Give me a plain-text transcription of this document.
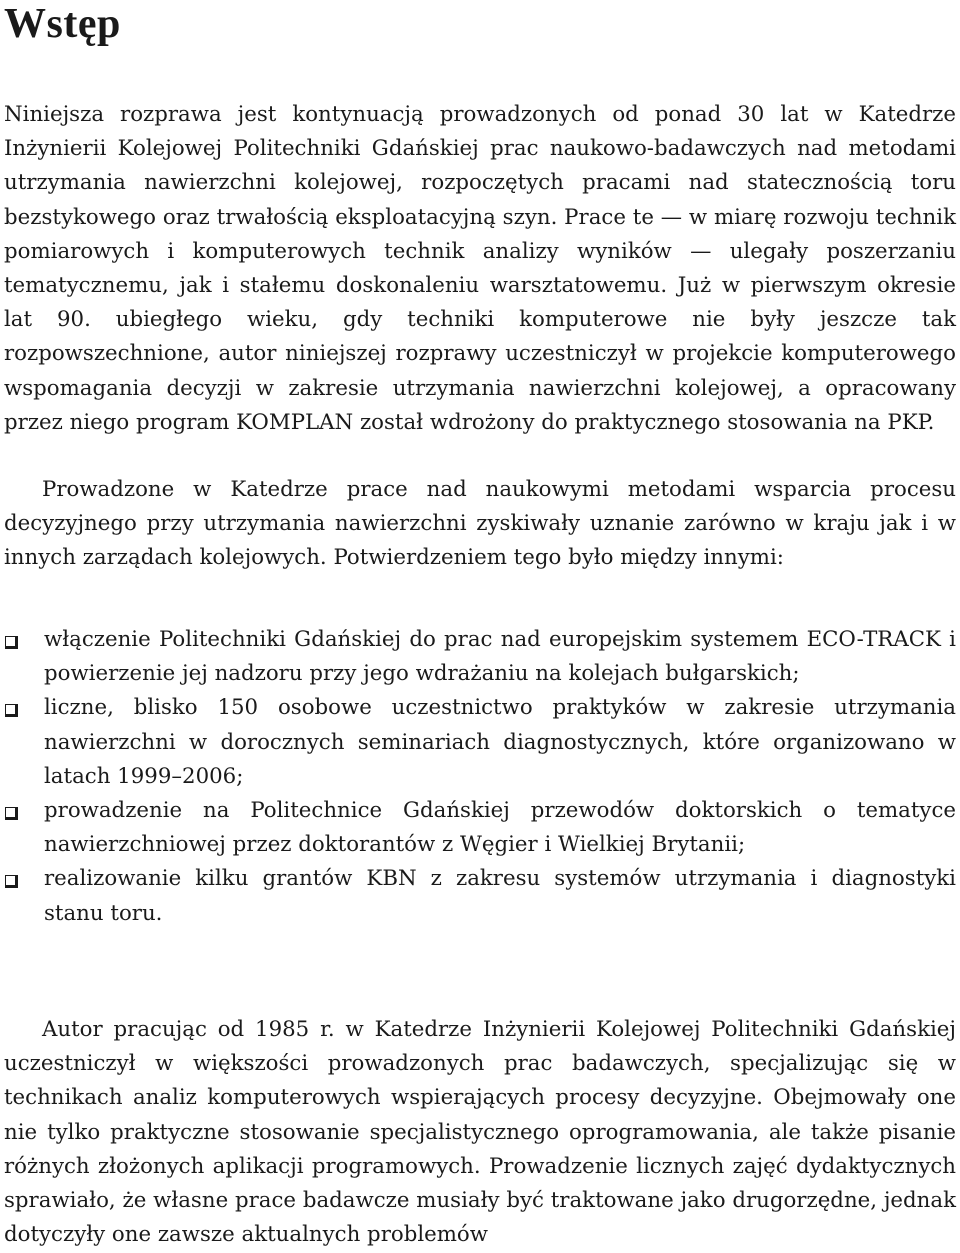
Wstęp

Niniejsza rozprawa jest kontynuacją prowadzonych od ponad 30 lat w Katedrze Inżynierii Kolejowej Politechniki Gdańskiej prac naukowo-badawczych nad metodami utrzymania nawierzchni kolejowej, rozpoczętych pracami nad statecznością toru bezstykowego oraz trwałością eksploatacyjną szyn. Prace te — w miarę rozwoju technik pomiarowych i komputerowych technik analizy wyników — ulegały poszerzaniu tematycznemu, jak i stałemu doskonaleniu warsztatowemu. Już w pierwszym okresie lat 90. ubiegłego wieku, gdy techniki komputerowe nie były jeszcze tak rozpowszechnione, autor niniejszej rozprawy uczestniczył w projekcie komputerowego wspomagania decyzji w zakresie utrzymania nawierzchni kolejowej, a opracowany przez niego program KOMPLAN został wdrożony do praktycznego stosowania na PKP.

Prowadzone w Katedrze prace nad naukowymi metodami wsparcia procesu decyzyjnego przy utrzymania nawierzchni zyskiwały uznanie zarówno w kraju jak i w innych zarządach kolejowych. Potwierdzeniem tego było między innymi:

włączenie Politechniki Gdańskiej do prac nad europejskim systemem ECO-TRACK i powierzenie jej nadzoru przy jego wdrażaniu na kolejach bułgarskich;

liczne, blisko 150 osobowe uczestnictwo praktyków w zakresie utrzymania nawierzchni w dorocznych seminariach diagnostycznych, które organizowano w latach 1999–2006;

prowadzenie na Politechnice Gdańskiej przewodów doktorskich o tematyce nawierzchniowej przez doktorantów z Węgier i Wielkiej Brytanii;

realizowanie kilku grantów KBN z zakresu systemów utrzymania i diagnostyki stanu toru.

Autor pracując od 1985 r. w Katedrze Inżynierii Kolejowej Politechniki Gdańskiej uczestniczył w większości prowadzonych prac badawczych, specjalizując się w technikach analiz komputerowych wspierających procesy decyzyjne. Obejmowały one nie tylko praktyczne stosowanie specjalistycznego oprogramowania, ale także pisanie różnych złożonych aplikacji programowych. Prowadzenie licznych zajęć dydaktycznych sprawiało, że własne prace badawcze musiały być traktowane jako drugorzędne, jednak dotyczyły one zawsze aktualnych problemów
